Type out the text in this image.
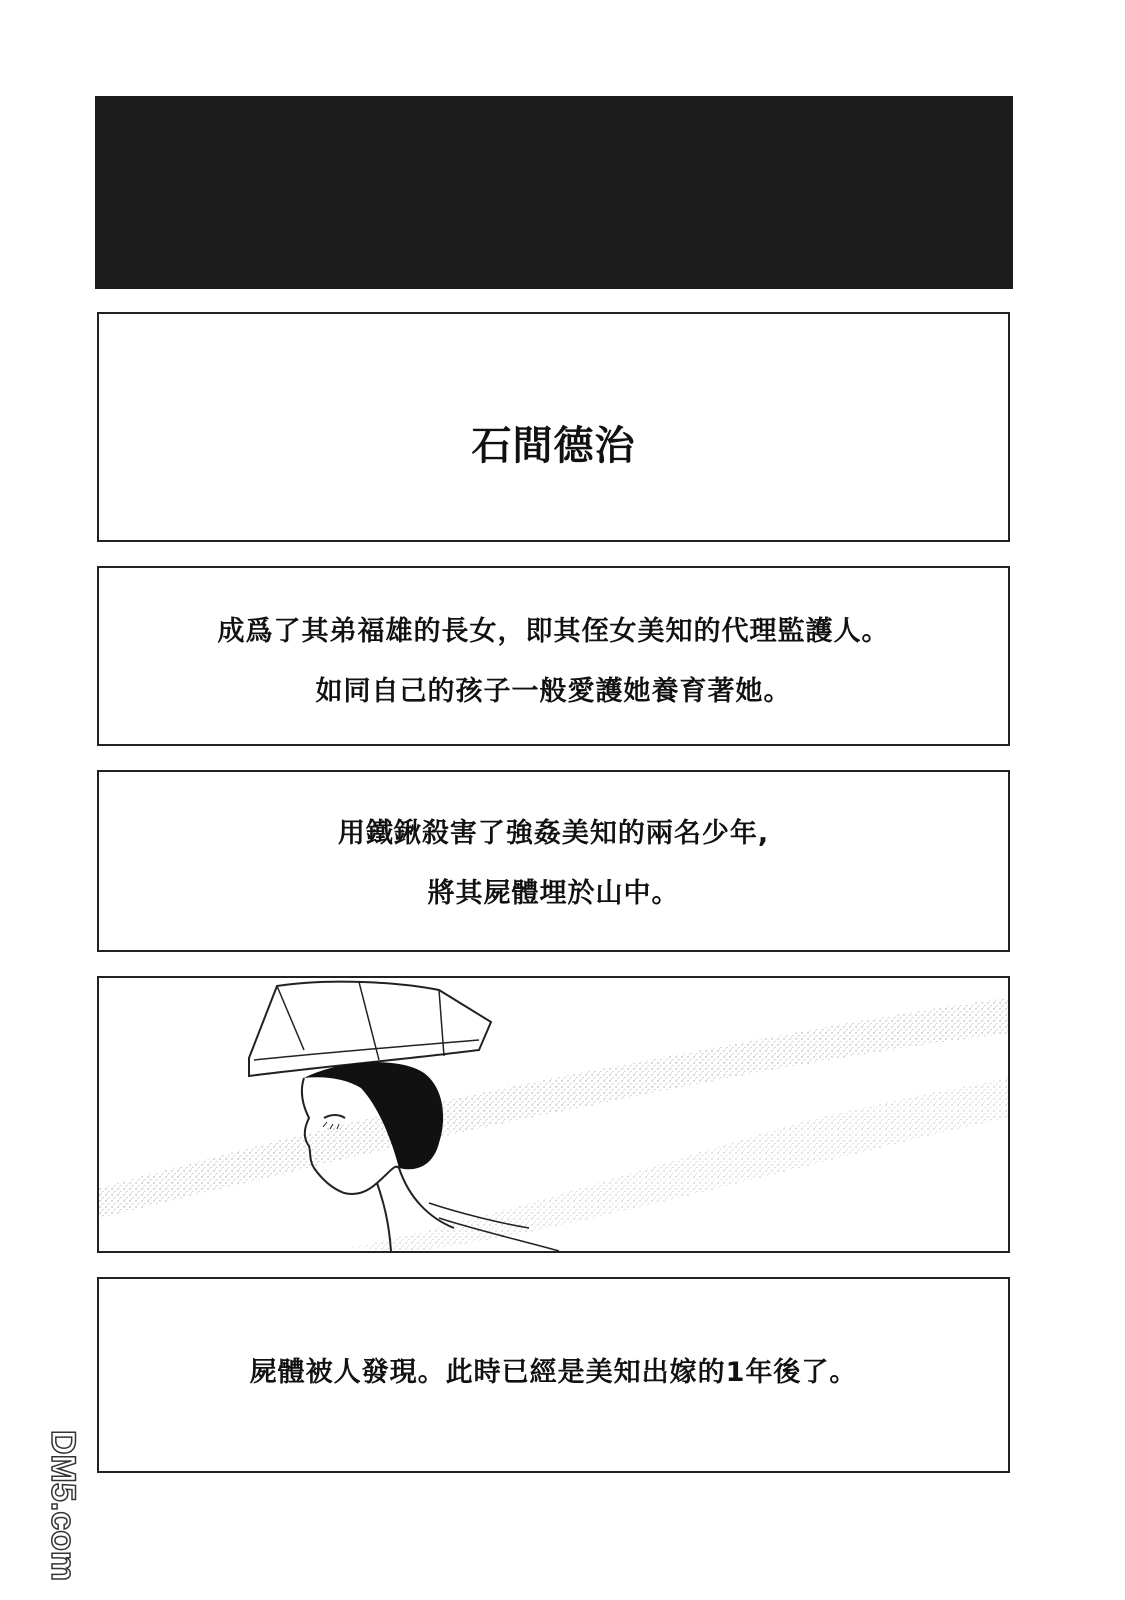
石間德治
成爲了其弟福雄的長女，即其侄女美知的代理監護人。
如同自己的孩子一般愛護她養育著她。
用鐵鍬殺害了強姦美知的兩名少年,
將其屍體埋於山中。
屍體被人發現。此時已經是美知出嫁的1年後了。
DM5.com
